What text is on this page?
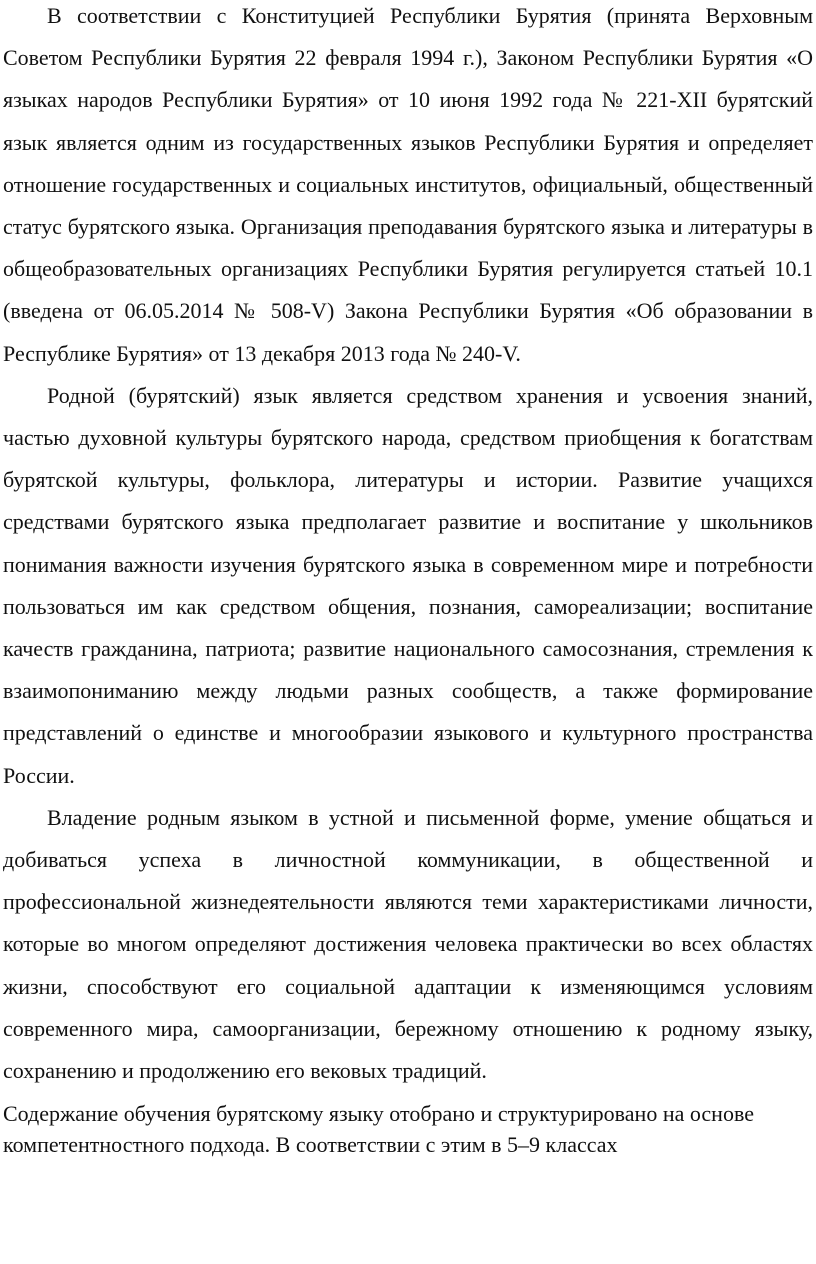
В соответствии с Конституцией Республики Бурятия (принята Верховным Советом Республики Бурятия 22 февраля 1994 г.), Законом Республики Бурятия «О языках народов Республики Бурятия» от 10 июня 1992 года № 221-XII бурятский язык является одним из государственных языков Республики Бурятия и определяет отношение государственных и социальных институтов, официальный, общественный статус бурятского языка. Организация преподавания бурятского языка и литературы в общеобразовательных организациях Республики Бурятия регулируется статьей 10.1 (введена от 06.05.2014 № 508-V) Закона Республики Бурятия «Об образовании в Республике Бурятия» от 13 декабря 2013 года № 240-V.

Родной (бурятский) язык является средством хранения и усвоения знаний, частью духовной культуры бурятского народа, средством приобщения к богатствам бурятской культуры, фольклора, литературы и истории. Развитие учащихся средствами бурятского языка предполагает развитие и воспитание у школьников понимания важности изучения бурятского языка в современном мире и потребности пользоваться им как средством общения, познания, самореализации; воспитание качеств гражданина, патриота; развитие национального самосознания, стремления к взаимопониманию между людьми разных сообществ, а также формирование представлений о единстве и многообразии языкового и культурного пространства России.

Владение родным языком в устной и письменной форме, умение общаться и добиваться успеха в личностной коммуникации, в общественной и профессиональной жизнедеятельности являются теми характеристиками личности, которые во многом определяют достижения человека практически во всех областях жизни, способствуют его социальной адаптации к изменяющимся условиям современного мира, самоорганизации, бережному отношению к родному языку, сохранению и продолжению его вековых традиций.

Содержание обучения бурятскому языку отобрано и структурировано на основе компетентностного подхода. В соответствии с этим в 5–9 классах
